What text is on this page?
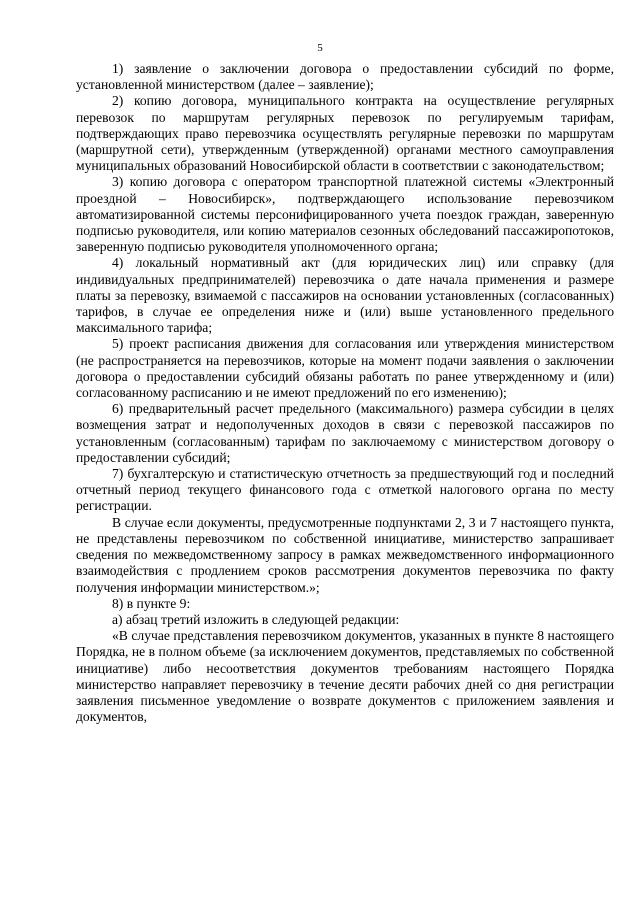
5

1) заявление о заключении договора о предоставлении субсидий по форме, установленной министерством (далее – заявление);

2) копию договора, муниципального контракта на осуществление регулярных перевозок по маршрутам регулярных перевозок по регулируемым тарифам, подтверждающих право перевозчика осуществлять регулярные перевозки по маршрутам (маршрутной сети), утвержденным (утвержденной) органами местного самоуправления муниципальных образований Новосибирской области в соответствии с законодательством;

3) копию договора с оператором транспортной платежной системы «Электронный проездной – Новосибирск», подтверждающего использование перевозчиком автоматизированной системы персонифицированного учета поездок граждан, заверенную подписью руководителя, или копию материалов сезонных обследований пассажиропотоков, заверенную подписью руководителя уполномоченного органа;

4) локальный нормативный акт (для юридических лиц) или справку (для индивидуальных предпринимателей) перевозчика о дате начала применения и размере платы за перевозку, взимаемой с пассажиров на основании установленных (согласованных) тарифов, в случае ее определения ниже и (или) выше установленного предельного максимального тарифа;

5) проект расписания движения для согласования или утверждения министерством (не распространяется на перевозчиков, которые на момент подачи заявления о заключении договора о предоставлении субсидий обязаны работать по ранее утвержденному и (или) согласованному расписанию и не имеют предложений по его изменению);

6) предварительный расчет предельного (максимального) размера субсидии в целях возмещения затрат и недополученных доходов в связи с перевозкой пассажиров по установленным (согласованным) тарифам по заключаемому с министерством договору о предоставлении субсидий;

7) бухгалтерскую и статистическую отчетность за предшествующий год и последний отчетный период текущего финансового года с отметкой налогового органа по месту регистрации.

В случае если документы, предусмотренные подпунктами 2, 3 и 7 настоящего пункта, не представлены перевозчиком по собственной инициативе, министерство запрашивает сведения по межведомственному запросу в рамках межведомственного информационного взаимодействия с продлением сроков рассмотрения документов перевозчика по факту получения информации министерством.»;

8) в пункте 9:

а) абзац третий изложить в следующей редакции:

«В случае представления перевозчиком документов, указанных в пункте 8 настоящего Порядка, не в полном объеме (за исключением документов, представляемых по собственной инициативе) либо несоответствия документов требованиям настоящего Порядка министерство направляет перевозчику в течение десяти рабочих дней со дня регистрации заявления письменное уведомление о возврате документов с приложением заявления и документов,
